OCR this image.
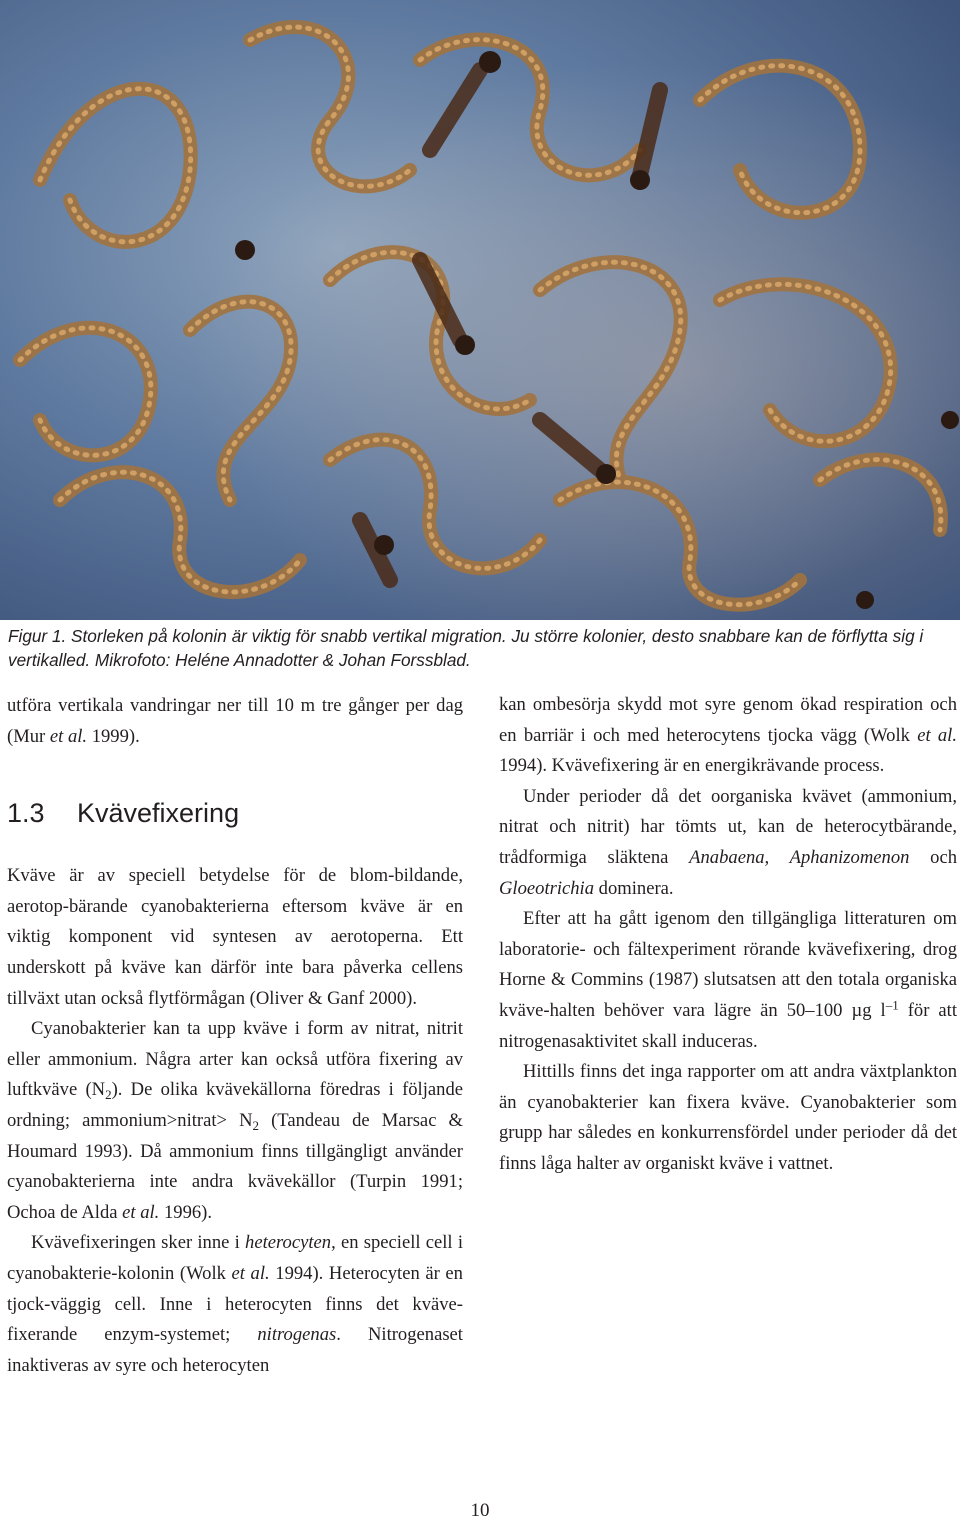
Figur 1. Storleken på kolonin är viktig för snabb vertikal migration. Ju större kolonier, desto snabbare kan de förflytta sig i vertikalled. Mikrofoto: Heléne Annadotter & Johan Forssblad.

utföra vertikala vandringar ner till 10 m tre gånger per dag (Mur et al. 1999).

1.3 Kvävefixering

Kväve är av speciell betydelse för de blom-bildande, aerotop-bärande cyanobakterierna eftersom kväve är en viktig komponent vid syntesen av aerotoperna. Ett underskott på kväve kan därför inte bara påverka cellens tillväxt utan också flytförmågan (Oliver & Ganf 2000).

Cyanobakterier kan ta upp kväve i form av nitrat, nitrit eller ammonium. Några arter kan också utföra fixering av luftkväve $(N_2)$. De olika kvävekällorna föredras i följande ordning; ammonium>nitrat> $N_2$ (Tandeau de Marsac & Houmard 1993). Då ammonium finns tillgängligt använder cyanobakterierna inte andra kvävekällor (Turpin 1991; Ochoa de Alda et al. 1996).

Kvävefixeringen sker inne i heterocyten, en speciell cell i cyanobakterie-kolonin (Wolk et al. 1994). Heterocyten är en tjock-väggig cell. Inne i heterocyten finns det kväve-fixerande enzym-systemet; nitrogenas. Nitrogenaset inaktiveras av syre och heterocyten

kan ombesörja skydd mot syre genom ökad respiration och en barriär i och med heterocytens tjocka vägg (Wolk et al. 1994). Kvävefixering är en energikrävande process.

Under perioder då det oorganiska kvävet (ammonium, nitrat och nitrit) har tömts ut, kan de heterocytbärande, trådformiga släktena Anabaena, Aphanizomenon och Gloeotrichia dominera.

Efter att ha gått igenom den tillgängliga litteraturen om laboratorie- och fältexperiment rörande kvävefixering, drog Horne & Commins (1987) slutsatsen att den totala organiska kväve-halten behöver vara lägre än 50–100 µg $l^{-1}$ för att nitrogenasaktivitet skall induceras.

Hittills finns det inga rapporter om att andra växtplankton än cyanobakterier kan fixera kväve. Cyanobakterier som grupp har således en konkurrensfördel under perioder då det finns låga halter av organiskt kväve i vattnet.

10
